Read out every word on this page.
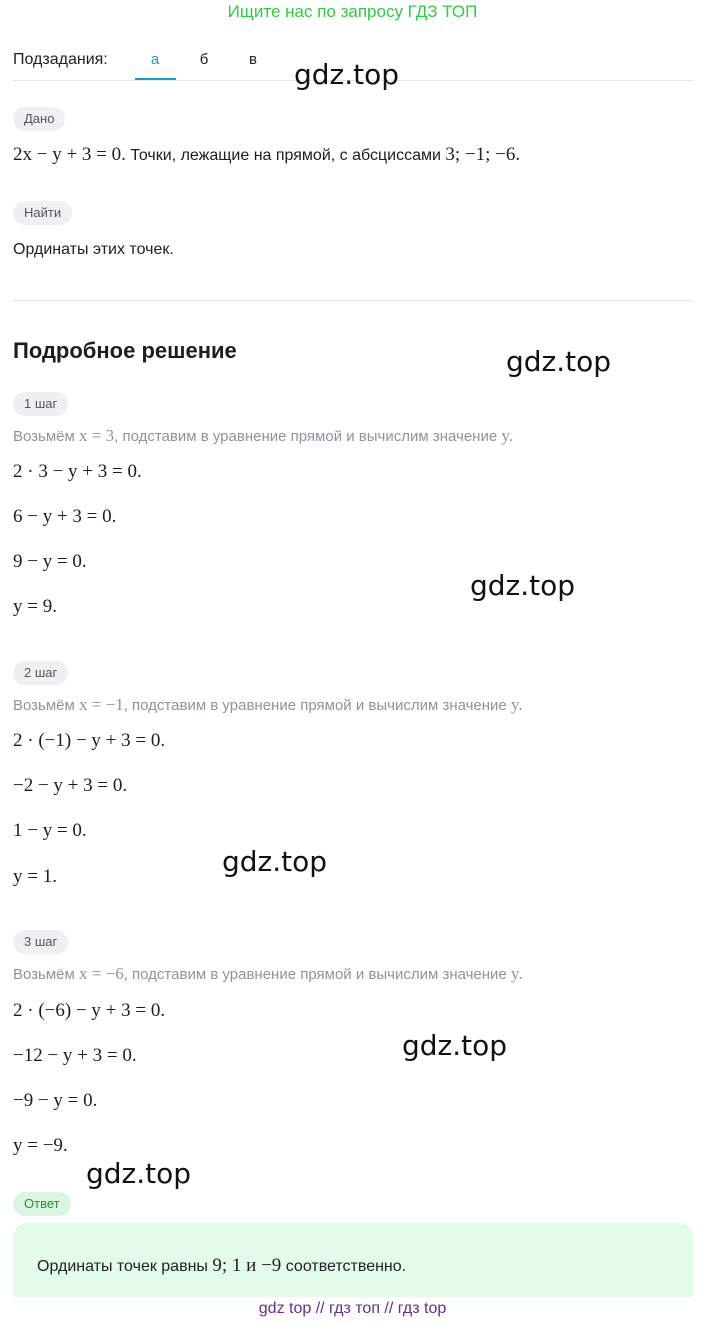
Ищите нас по запросу ГДЗ ТОП
Подзадания:	а	б	в	gdz.top
Дано
2x − y + 3 = 0. Точки, лежащие на прямой, с абсциссами 3; −1; −6.
Найти
Ординаты этих точек.
Подробное решение	gdz.top
1 шаг
Возьмём x = 3, подставим в уравнение прямой и вычислим значение y.
2 · 3 − y + 3 = 0.
6 − y + 3 = 0.
9 − y = 0.
y = 9.
gdz.top
2 шаг
Возьмём x = −1, подставим в уравнение прямой и вычислим значение y.
2 · (−1) − y + 3 = 0.
−2 − y + 3 = 0.
1 − y = 0.
y = 1.	gdz.top
3 шаг
Возьмём x = −6, подставим в уравнение прямой и вычислим значение y.
2 · (−6) − y + 3 = 0.
−12 − y + 3 = 0.
−9 − y = 0.
y = −9.
gdz.top
gdz.top
Ответ
Ординаты точек равны 9; 1 и −9 соответственно.
gdz top // гдз топ // гдз top
